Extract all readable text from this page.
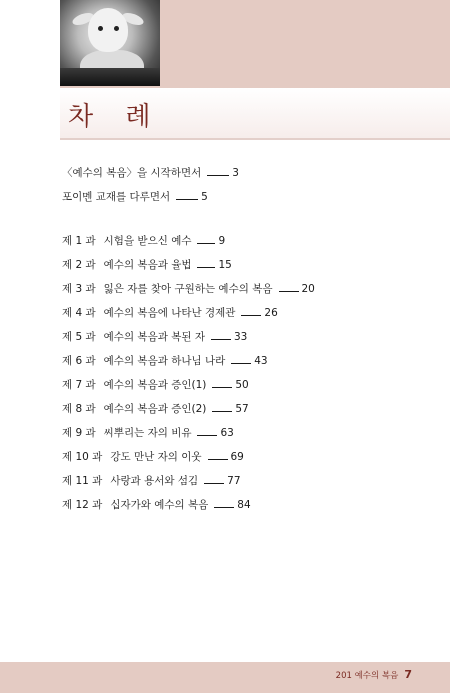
차 례
〈예수의 복음〉을 시작하면서	3
포이멘 교재를 다루면서	5
제 1 과 시험을 받으신 예수	9
제 2 과 예수의 복음과 율법	15
제 3 과 잃은 자를 찾아 구원하는 예수의 복음	20
제 4 과 예수의 복음에 나타난 경제관	26
제 5 과 예수의 복음과 복된 자	33
제 6 과 예수의 복음과 하나님 나라	43
제 7 과 예수의 복음과 증인(1)	50
제 8 과 예수의 복음과 증인(2)	57
제 9 과 씨뿌리는 자의 비유	63
제 10 과 강도 만난 자의 이웃	69
제 11 과 사랑과 용서와 섬김	77
제 12 과 십자가와 예수의 복음	84
201 예수의 복음 7
